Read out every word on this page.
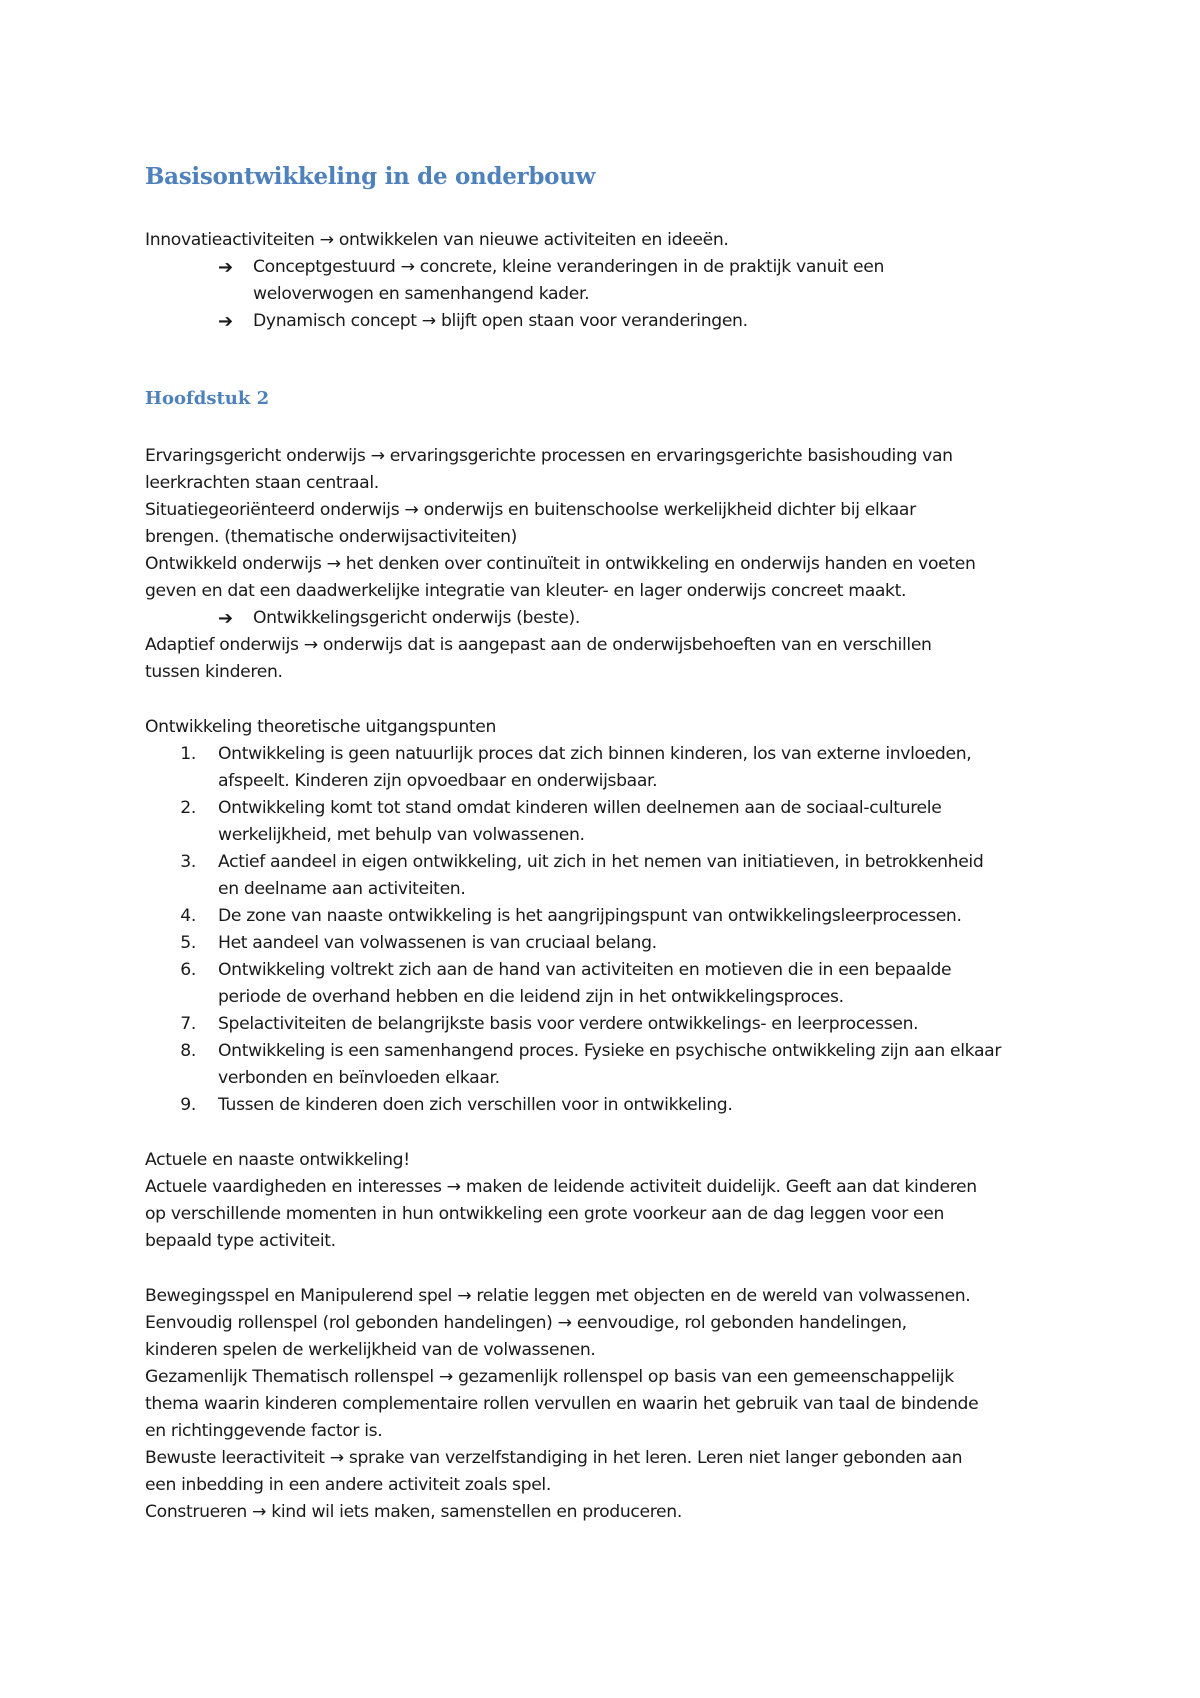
Basisontwikkeling in de onderbouw
Innovatieactiviteiten → ontwikkelen van nieuwe activiteiten en ideeën.
➔ Conceptgestuurd → concrete, kleine veranderingen in de praktijk vanuit een
weloverwogen en samenhangend kader.
➔ Dynamisch concept → blijft open staan voor veranderingen.
Hoofdstuk 2
Ervaringsgericht onderwijs → ervaringsgerichte processen en ervaringsgerichte basishouding van
leerkrachten staan centraal.
Situatiegeoriënteerd onderwijs → onderwijs en buitenschoolse werkelijkheid dichter bij elkaar
brengen. (thematische onderwijsactiviteiten)
Ontwikkeld onderwijs → het denken over continuïteit in ontwikkeling en onderwijs handen en voeten
geven en dat een daadwerkelijke integratie van kleuter- en lager onderwijs concreet maakt.
➔ Ontwikkelingsgericht onderwijs (beste).
Adaptief onderwijs → onderwijs dat is aangepast aan de onderwijsbehoeften van en verschillen
tussen kinderen.
Ontwikkeling theoretische uitgangspunten
1. Ontwikkeling is geen natuurlijk proces dat zich binnen kinderen, los van externe invloeden,
afspeelt. Kinderen zijn opvoedbaar en onderwijsbaar.
2. Ontwikkeling komt tot stand omdat kinderen willen deelnemen aan de sociaal-culturele
werkelijkheid, met behulp van volwassenen.
3. Actief aandeel in eigen ontwikkeling, uit zich in het nemen van initiatieven, in betrokkenheid
en deelname aan activiteiten.
4. De zone van naaste ontwikkeling is het aangrijpingspunt van ontwikkelingsleerprocessen.
5. Het aandeel van volwassenen is van cruciaal belang.
6. Ontwikkeling voltrekt zich aan de hand van activiteiten en motieven die in een bepaalde
periode de overhand hebben en die leidend zijn in het ontwikkelingsproces.
7. Spelactiviteiten de belangrijkste basis voor verdere ontwikkelings- en leerprocessen.
8. Ontwikkeling is een samenhangend proces. Fysieke en psychische ontwikkeling zijn aan elkaar
verbonden en beïnvloeden elkaar.
9. Tussen de kinderen doen zich verschillen voor in ontwikkeling.
Actuele en naaste ontwikkeling!
Actuele vaardigheden en interesses → maken de leidende activiteit duidelijk. Geeft aan dat kinderen
op verschillende momenten in hun ontwikkeling een grote voorkeur aan de dag leggen voor een
bepaald type activiteit.
Bewegingsspel en Manipulerend spel → relatie leggen met objecten en de wereld van volwassenen.
Eenvoudig rollenspel (rol gebonden handelingen) → eenvoudige, rol gebonden handelingen,
kinderen spelen de werkelijkheid van de volwassenen.
Gezamenlijk Thematisch rollenspel → gezamenlijk rollenspel op basis van een gemeenschappelijk
thema waarin kinderen complementaire rollen vervullen en waarin het gebruik van taal de bindende
en richtinggevende factor is.
Bewuste leeractiviteit → sprake van verzelfstandiging in het leren. Leren niet langer gebonden aan
een inbedding in een andere activiteit zoals spel.
Construeren → kind wil iets maken, samenstellen en produceren.
